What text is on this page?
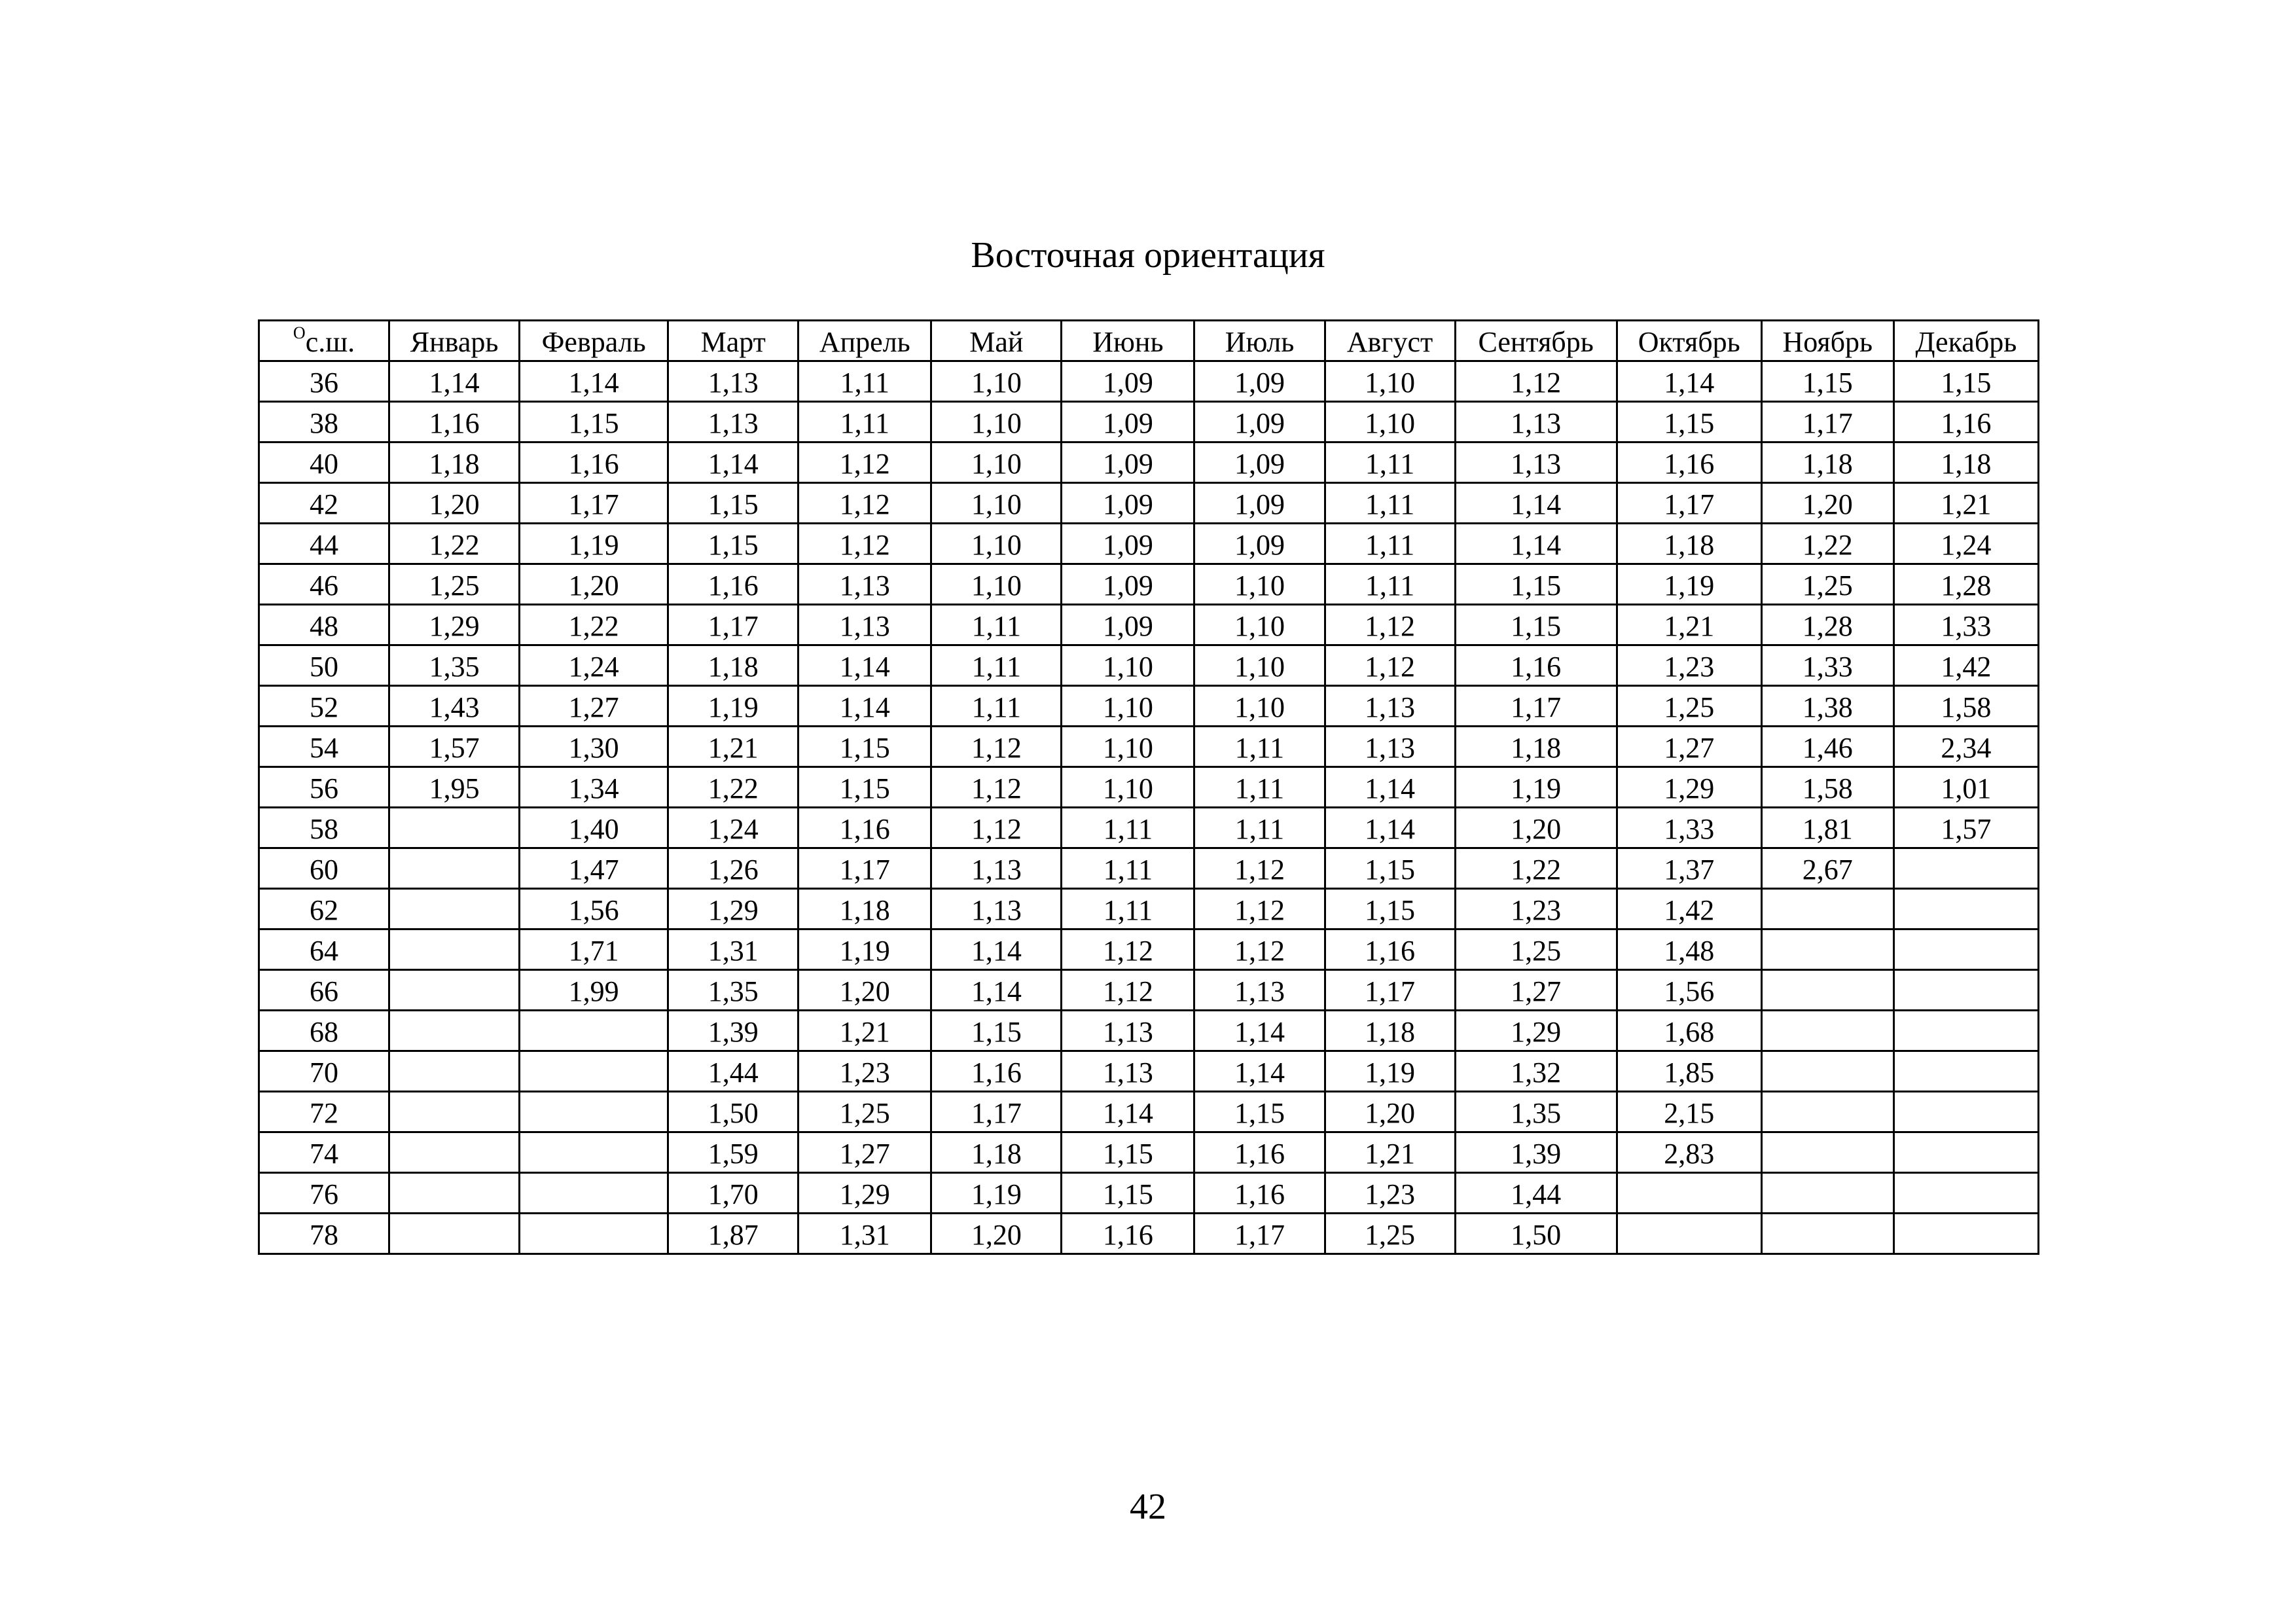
Восточная ориентация
$^О$с.ш.	Январь	Февраль	Март	Апрель	Май	Июнь	Июль	Август	Сентябрь	Октябрь	Ноябрь	Декабрь
36	1,14	1,14	1,13	1,11	1,10	1,09	1,09	1,10	1,12	1,14	1,15	1,15
38	1,16	1,15	1,13	1,11	1,10	1,09	1,09	1,10	1,13	1,15	1,17	1,16
40	1,18	1,16	1,14	1,12	1,10	1,09	1,09	1,11	1,13	1,16	1,18	1,18
42	1,20	1,17	1,15	1,12	1,10	1,09	1,09	1,11	1,14	1,17	1,20	1,21
44	1,22	1,19	1,15	1,12	1,10	1,09	1,09	1,11	1,14	1,18	1,22	1,24
46	1,25	1,20	1,16	1,13	1,10	1,09	1,10	1,11	1,15	1,19	1,25	1,28
48	1,29	1,22	1,17	1,13	1,11	1,09	1,10	1,12	1,15	1,21	1,28	1,33
50	1,35	1,24	1,18	1,14	1,11	1,10	1,10	1,12	1,16	1,23	1,33	1,42
52	1,43	1,27	1,19	1,14	1,11	1,10	1,10	1,13	1,17	1,25	1,38	1,58
54	1,57	1,30	1,21	1,15	1,12	1,10	1,11	1,13	1,18	1,27	1,46	2,34
56	1,95	1,34	1,22	1,15	1,12	1,10	1,11	1,14	1,19	1,29	1,58	1,01
58		1,40	1,24	1,16	1,12	1,11	1,11	1,14	1,20	1,33	1,81	1,57
60		1,47	1,26	1,17	1,13	1,11	1,12	1,15	1,22	1,37	2,67	
62		1,56	1,29	1,18	1,13	1,11	1,12	1,15	1,23	1,42		
64		1,71	1,31	1,19	1,14	1,12	1,12	1,16	1,25	1,48		
66		1,99	1,35	1,20	1,14	1,12	1,13	1,17	1,27	1,56		
68			1,39	1,21	1,15	1,13	1,14	1,18	1,29	1,68		
70			1,44	1,23	1,16	1,13	1,14	1,19	1,32	1,85		
72			1,50	1,25	1,17	1,14	1,15	1,20	1,35	2,15		
74			1,59	1,27	1,18	1,15	1,16	1,21	1,39	2,83		
76			1,70	1,29	1,19	1,15	1,16	1,23	1,44			
78			1,87	1,31	1,20	1,16	1,17	1,25	1,50			
42
